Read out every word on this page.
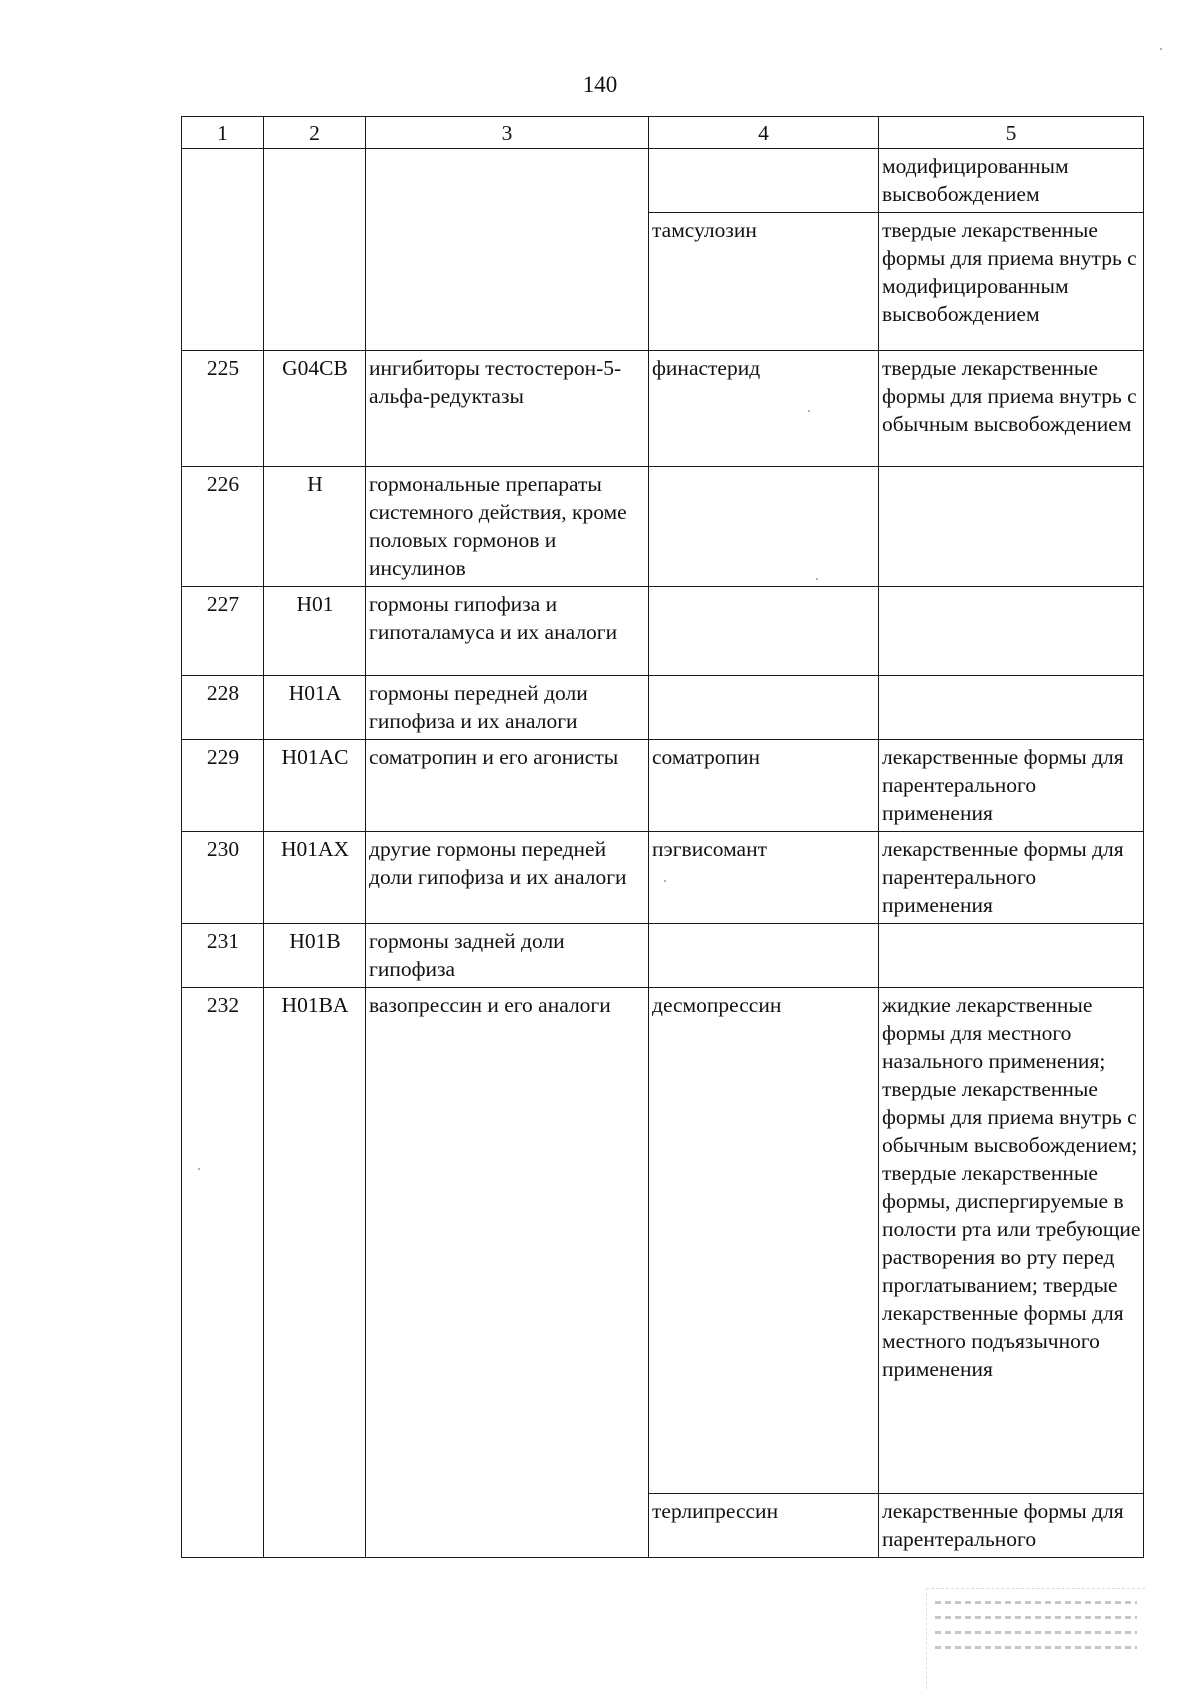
140
1	2	3	4	5
				модифицированным высвобождением
			тамсулозин	твердые лекарственные формы для приема внутрь с модифицированным высвобождением
225	G04CB	ингибиторы тестостерон-5-альфа-редуктазы	финастерид	твердые лекарственные формы для приема внутрь с обычным высвобождением
226	H	гормональные препараты системного действия, кроме половых гормонов и инсулинов		
227	H01	гормоны гипофиза и гипоталамуса и их аналоги		
228	H01A	гормоны передней доли гипофиза и их аналоги		
229	H01AC	соматропин и его агонисты	соматропин	лекарственные формы для парентерального применения
230	H01AX	другие гормоны передней доли гипофиза и их аналоги	пэгвисомант	лекарственные формы для парентерального применения
231	H01B	гормоны задней доли гипофиза		
232	H01BA	вазопрессин и его аналоги	десмопрессин	жидкие лекарственные формы для местного назального применения; твердые лекарственные формы для приема внутрь с обычным высвобождением; твердые лекарственные формы, диспергируемые в полости рта или требующие растворения во рту перед проглатыванием; твердые лекарственные формы для местного подъязычного применения
			терлипрессин	лекарственные формы для парентерального
